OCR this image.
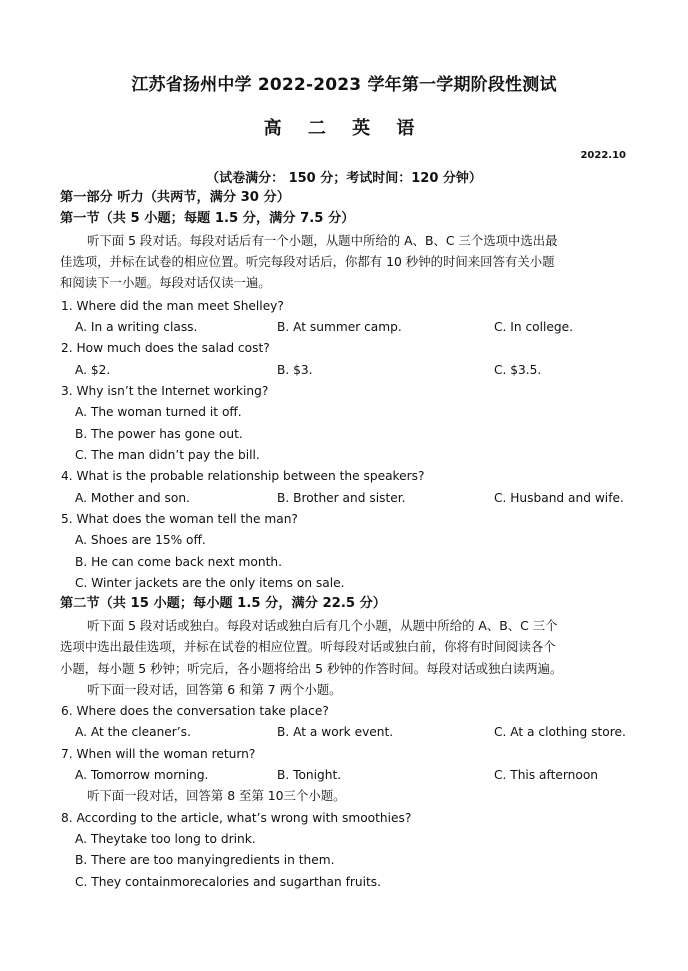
江苏省扬州中学 2022-2023 学年第一学期阶段性测试
高 二 英 语
2022.10
（试卷满分： 150 分；考试时间：120 分钟）
第一部分 听力（共两节，满分 30 分）
第一节（共 5 小题；每题 1.5 分，满分 7.5 分）
听下面 5 段对话。每段对话后有一个小题，从题中所给的 A、B、C 三个选项中选出最
佳选项，并标在试卷的相应位置。听完每段对话后，你都有 10 秒钟的时间来回答有关小题
和阅读下一小题。每段对话仅读一遍。
1. Where did the man meet Shelley?
A. In a writing class.	B. At summer camp.	C. In college.
2. How much does the salad cost?
A. $2.	B. $3.	C. $3.5.
3. Why isn’t the Internet working?
A. The woman turned it off.
B. The power has gone out.
C. The man didn’t pay the bill.
4. What is the probable relationship between the speakers?
A. Mother and son.	B. Brother and sister.	C. Husband and wife.
5. What does the woman tell the man?
A. Shoes are 15% off.
B. He can come back next month.
C. Winter jackets are the only items on sale.
第二节（共 15 小题；每小题 1.5 分，满分 22.5 分）
听下面 5 段对话或独白。每段对话或独白后有几个小题，从题中所给的 A、B、C 三个
选项中选出最佳选项，并标在试卷的相应位置。听每段对话或独白前，你将有时间阅读各个
小题，每小题 5 秒钟；听完后，各小题将给出 5 秒钟的作答时间。每段对话或独白读两遍。
听下面一段对话，回答第 6 和第 7 两个小题。
6. Where does the conversation take place?
A. At the cleaner’s.	B. At a work event.	C. At a clothing store.
7. When will the woman return?
A. Tomorrow morning.	B. Tonight.	C. This afternoon
听下面一段对话，回答第 8 至第 10三个小题。
8. According to the article, what’s wrong with smoothies?
A. Theytake too long to drink.
B. There are too manyingredients in them.
C. They containmorecalories and sugarthan fruits.
